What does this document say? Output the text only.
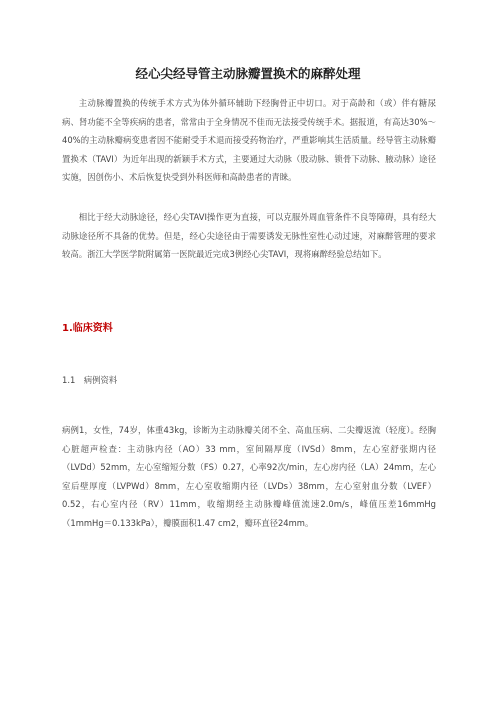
经心尖经导管主动脉瓣置换术的麻醉处理
主动脉瓣置换的传统手术方式为体外循环辅助下经胸骨正中切口。对于高龄和（或）伴有糖尿病、肾功能不全等疾病的患者，常常由于全身情况不佳而无法接受传统手术。据报道，有高达30%～40%的主动脉瓣病变患者因不能耐受手术退而接受药物治疗，严重影响其生活质量。经导管主动脉瓣置换术（TAVI）为近年出现的新颖手术方式，主要通过大动脉（股动脉、锁骨下动脉、腋动脉）途径实施，因创伤小、术后恢复快受到外科医师和高龄患者的青睐。
相比于经大动脉途径，经心尖TAVI操作更为直接，可以克服外周血管条件不良等障碍，具有经大动脉途径所不具备的优势。但是，经心尖途径由于需要诱发无脉性室性心动过速，对麻醉管理的要求较高。浙江大学医学院附属第一医院最近完成3例经心尖TAVI，现将麻醉经验总结如下。
1.临床资料
1.1　病例资料
病例1，女性，74岁，体重43kg，诊断为主动脉瓣关闭不全、高血压病、二尖瓣返流（轻度）。经胸心脏超声检查：主动脉内径（AO）33 mm，室间隔厚度（IVSd）8mm，左心室舒张期内径（LVDd）52mm，左心室缩短分数（FS）0.27，心率92次/min，左心房内径（LA）24mm，左心室后壁厚度（LVPWd）8mm，左心室收缩期内径（LVDs）38mm，左心室射血分数（LVEF）0.52，右心室内径（RV）11mm，收缩期经主动脉瓣峰值流速2.0m/s，峰值压差16mmHg（1mmHg＝0.133kPa），瓣膜面积1.47 cm2，瓣环直径24mm。
